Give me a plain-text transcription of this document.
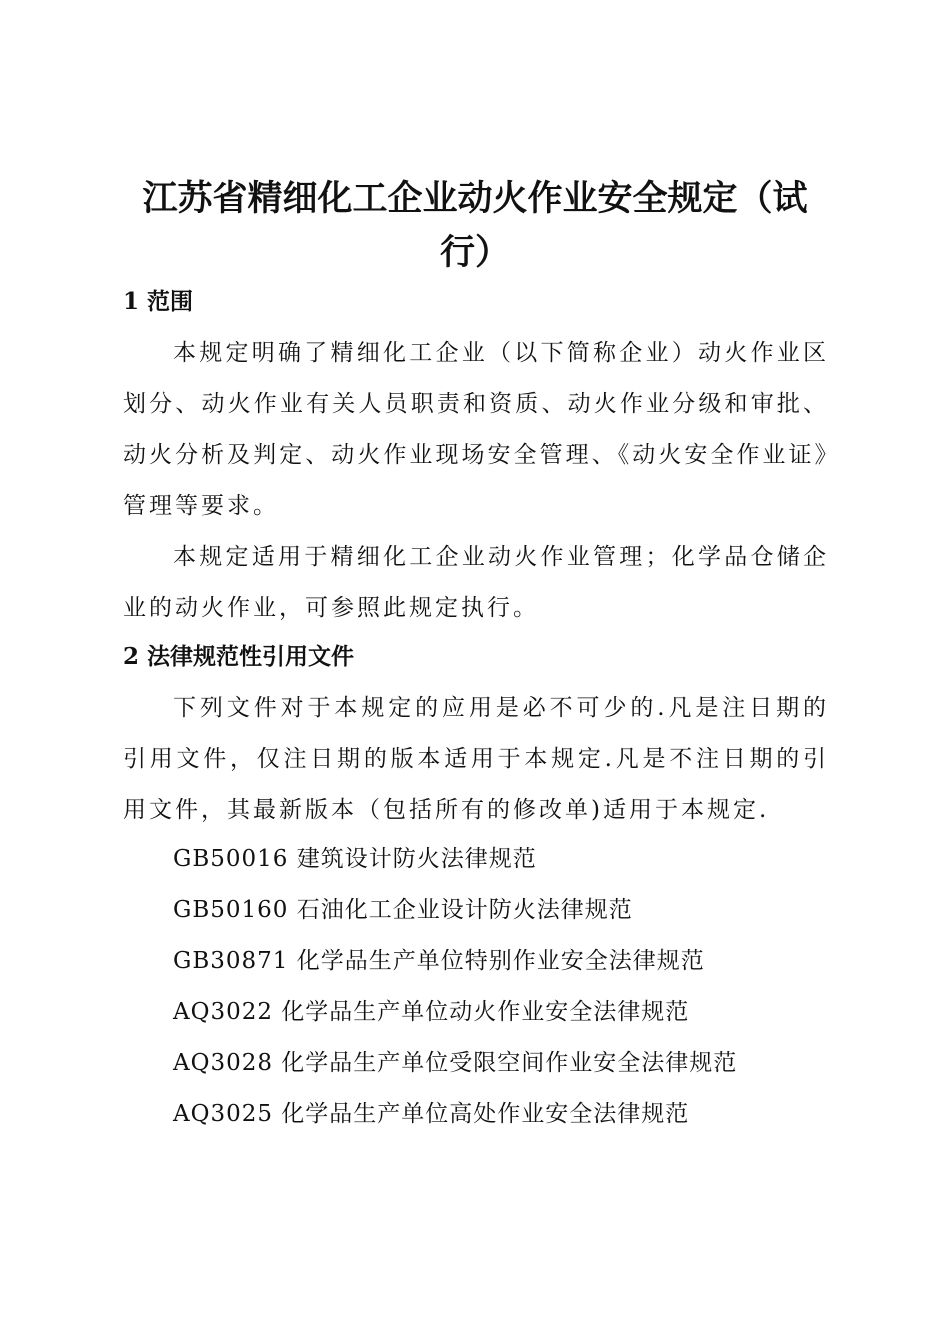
江苏省精细化工企业动火作业安全规定（试行）
1 范围

本规定明确了精细化工企业（以下简称企业）动火作业区划分、动火作业有关人员职责和资质、动火作业分级和审批、动火分析及判定、动火作业现场安全管理、《动火安全作业证》管理等要求。

本规定适用于精细化工企业动火作业管理；化学品仓储企业的动火作业，可参照此规定执行。

2 法律规范性引用文件

下列文件对于本规定的应用是必不可少的.凡是注日期的引用文件，仅注日期的版本适用于本规定.凡是不注日期的引用文件，其最新版本（包括所有的修改单)适用于本规定.

GB50016 建筑设计防火法律规范

GB50160 石油化工企业设计防火法律规范

GB30871 化学品生产单位特别作业安全法律规范

AQ3022 化学品生产单位动火作业安全法律规范

AQ3028 化学品生产单位受限空间作业安全法律规范

AQ3025 化学品生产单位高处作业安全法律规范
